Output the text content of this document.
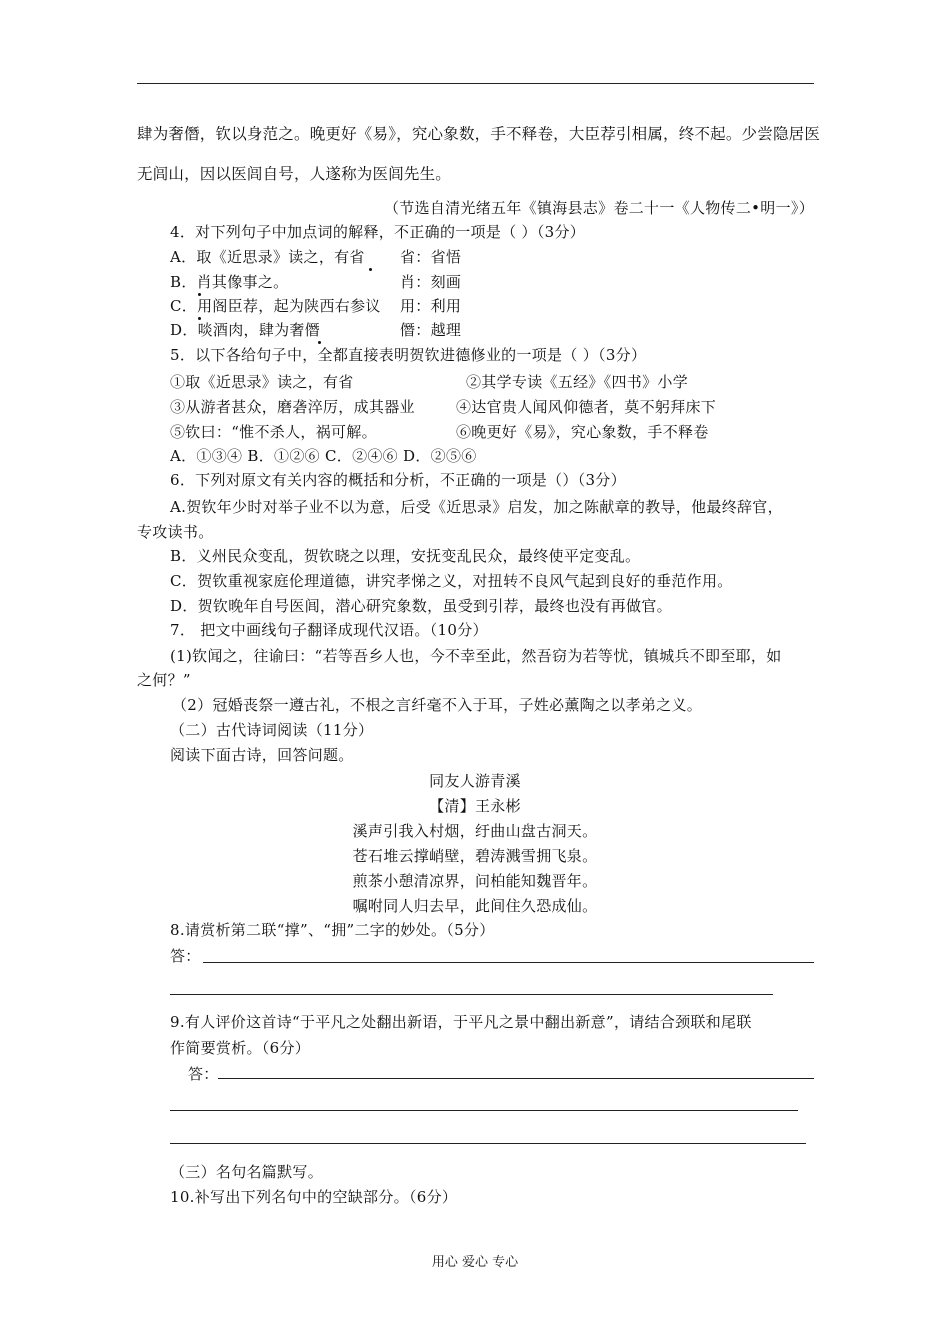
肆为奢僭，钦以身范之。晚更好《易》，究心象数，手不释卷，大臣荐引相属，终不起。少尝隐居医
无闾山，因以医闾自号，人遂称为医闾先生。
（节选自清光绪五年《镇海县志》卷二十一《人物传二•明一》）
4．对下列句子中加点词的解释，不正确的一项是（ ）（3分）
A．取《近思录》读之，有省 省：省悟
B．肖其像事之。	肖：刻画
C．用阁臣荐，起为陕西右参议 用：利用
D．啖酒肉，肆为奢僭	僭：越理
5．以下各给句子中，全都直接表明贺钦进德修业的一项是（ ）（3分）
①取《近思录》读之，有省	②其学专读《五经》《四书》小学
③从游者甚众，磨砻淬厉，成其器业	④达官贵人闻风仰德者，莫不躬拜床下
⑤钦曰：“惟不杀人，祸可解。	⑥晚更好《易》，究心象数，手不释卷
A．①③④ B．①②⑥ C．②④⑥ D．②⑤⑥
6．下列对原文有关内容的概括和分析，不正确的一项是（）（3分）
A.贺钦年少时对举子业不以为意，后受《近思录》启发，加之陈献章的教导，他最终辞官，
专攻读书。
B．义州民众变乱，贺钦晓之以理，安抚变乱民众，最终使平定变乱。
C．贺钦重视家庭伦理道德，讲究孝悌之义，对扭转不良风气起到良好的垂范作用。
D．贺钦晚年自号医闾，潜心研究象数，虽受到引荐，最终也没有再做官。
7． 把文中画线句子翻译成现代汉语。（10分）
(1)钦闻之，往谕曰：“若等吾乡人也，今不幸至此，然吾窃为若等忧，镇城兵不即至耶，如
之何？”
（2）冠婚丧祭一遵古礼，不根之言纤毫不入于耳，子姓必薰陶之以孝弟之义。
（二）古代诗词阅读（11分）
阅读下面古诗，回答问题。
同友人游青溪
【清】王永彬
溪声引我入村烟，纡曲山盘古洞天。
苍石堆云撑峭壁，碧涛溅雪拥飞泉。
煎茶小憩清凉界，问柏能知魏晋年。
嘱咐同人归去早，此间住久恐成仙。
8.请赏析第二联“撑”、“拥”二字的妙处。（5分）
答：
9.有人评价这首诗“于平凡之处翻出新语，于平凡之景中翻出新意”，请结合颈联和尾联
作简要赏析。（6分）
答：
（三）名句名篇默写。
10.补写出下列名句中的空缺部分。（6分）
用心 爱心 专心
